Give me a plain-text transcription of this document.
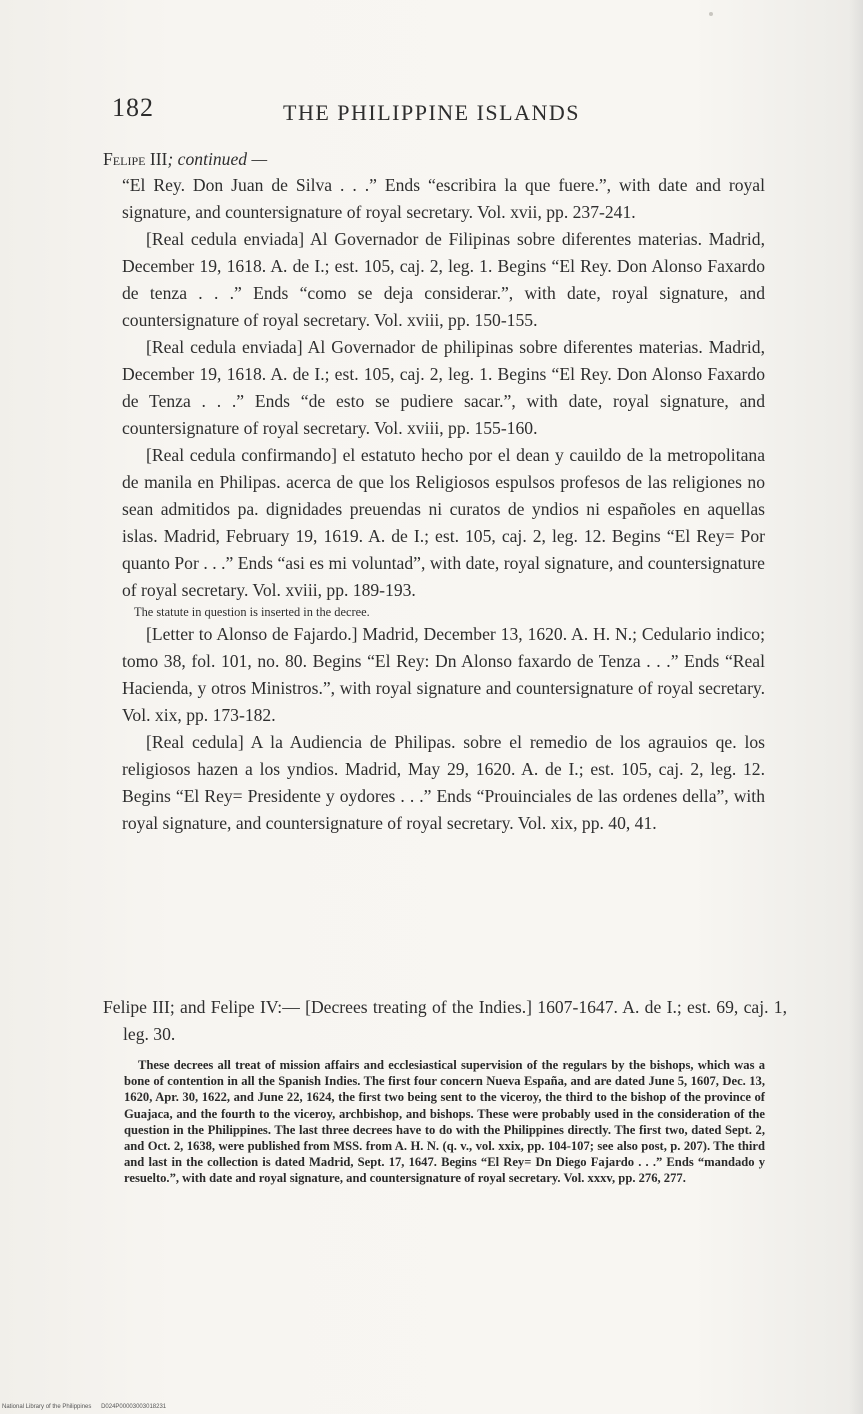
182	THE PHILIPPINE ISLANDS

Felipe III; continued —

“El Rey. Don Juan de Silva . . .” Ends “escribira la que fuere.”, with date and royal signature, and countersignature of royal secretary. Vol. xvii, pp. 237-241.

[Real cedula enviada] Al Governador de Filipinas sobre diferentes materias. Madrid, December 19, 1618. A. de I.; est. 105, caj. 2, leg. 1. Begins “El Rey. Don Alonso Faxardo de tenza . . .” Ends “como se deja considerar.”, with date, royal signature, and countersignature of royal secretary. Vol. xviii, pp. 150-155.

[Real cedula enviada] Al Governador de philipinas sobre diferentes materias. Madrid, December 19, 1618. A. de I.; est. 105, caj. 2, leg. 1. Begins “El Rey. Don Alonso Faxardo de Tenza . . .” Ends “de esto se pudiere sacar.”, with date, royal signature, and countersignature of royal secretary. Vol. xviii, pp. 155-160.

[Real cedula confirmando] el estatuto hecho por el dean y cauildo de la metropolitana de manila en Philipas. acerca de que los Religiosos espulsos profesos de las religiones no sean admitidos pa. dignidades preuendas ni curatos de yndios ni españoles en aquellas islas. Madrid, February 19, 1619. A. de I.; est. 105, caj. 2, leg. 12. Begins “El Rey= Por quanto Por . . .” Ends “asi es mi voluntad”, with date, royal signature, and countersignature of royal secretary. Vol. xviii, pp. 189-193.

The statute in question is inserted in the decree.

[Letter to Alonso de Fajardo.] Madrid, December 13, 1620. A. H. N.; Cedulario indico; tomo 38, fol. 101, no. 80. Begins “El Rey: Dn Alonso faxardo de Tenza . . .” Ends “Real Hacienda, y otros Ministros.”, with royal signature and countersignature of royal secretary. Vol. xix, pp. 173-182.

[Real cedula] A la Audiencia de Philipas. sobre el remedio de los agrauios qe. los religiosos hazen a los yndios. Madrid, May 29, 1620. A. de I.; est. 105, caj. 2, leg. 12. Begins “El Rey= Presidente y oydores . . .” Ends “Prouinciales de las ordenes della”, with royal signature, and countersignature of royal secretary. Vol. xix, pp. 40, 41.

Felipe III; and Felipe IV:— [Decrees treating of the Indies.] 1607-1647. A. de I.; est. 69, caj. 1, leg. 30.

These decrees all treat of mission affairs and ecclesiastical supervision of the regulars by the bishops, which was a bone of contention in all the Spanish Indies. The first four concern Nueva España, and are dated June 5, 1607, Dec. 13, 1620, Apr. 30, 1622, and June 22, 1624, the first two being sent to the viceroy, the third to the bishop of the province of Guajaca, and the fourth to the viceroy, archbishop, and bishops. These were probably used in the consideration of the question in the Philippines. The last three decrees have to do with the Philippines directly. The first two, dated Sept. 2, and Oct. 2, 1638, were published from MSS. from A. H. N. (q. v., vol. xxix, pp. 104-107; see also post, p. 207). The third and last in the collection is dated Madrid, Sept. 17, 1647. Begins “El Rey= Dn Diego Fajardo . . .” Ends “mandado y resuelto.”, with date and royal signature, and countersignature of royal secretary. Vol. xxxv, pp. 276, 277.
National Library of the Philippines D024P00003003018231
